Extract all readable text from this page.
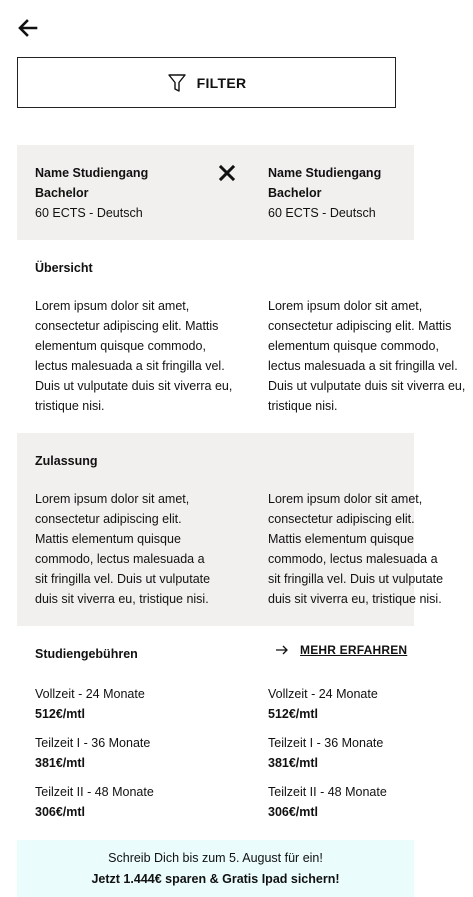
FILTER
Name Studiengang
Bachelor
60 ECTS - Deutsch
Name Studiengang
Bachelor
60 ECTS - Deutsch
Übersicht
Lorem ipsum dolor sit amet, consectetur adipiscing elit. Mattis elementum quisque commodo, lectus malesuada a sit fringilla vel. Duis ut vulputate duis sit viverra eu, tristique nisi.
Lorem ipsum dolor sit amet, consectetur adipiscing elit. Mattis elementum quisque commodo, lectus malesuada a sit fringilla vel. Duis ut vulputate duis sit viverra eu, tristique nisi.
Zulassung
Lorem ipsum dolor sit amet, consectetur adipiscing elit. Mattis elementum quisque commodo, lectus malesuada a sit fringilla vel. Duis ut vulputate duis sit viverra eu, tristique nisi.
Lorem ipsum dolor sit amet, consectetur adipiscing elit. Mattis elementum quisque commodo, lectus malesuada a sit fringilla vel. Duis ut vulputate duis sit viverra eu, tristique nisi.
Studiengebühren	MEHR ERFAHREN
Vollzeit - 24 Monate
512€/mtl
Teilzeit I - 36 Monate
381€/mtl
Teilzeit II - 48 Monate
306€/mtl
Vollzeit - 24 Monate
512€/mtl
Teilzeit I - 36 Monate
381€/mtl
Teilzeit II - 48 Monate
306€/mtl
Schreib Dich bis zum 5. August für ein!
Jetzt 1.444€ sparen & Gratis Ipad sichern!
